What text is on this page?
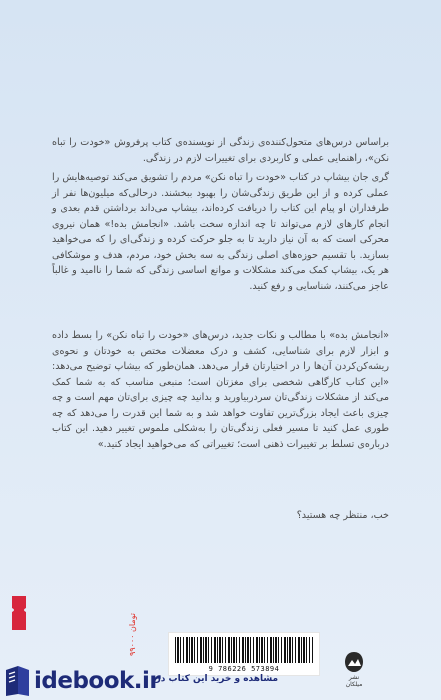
براساس درس‌های متحول‌کننده‌ی زندگی از نویسنده‌ی کتاب پرفروش «خودت را تباه نکن»، راهنمایی عملی و کاربردی برای تغییرات لازم در زندگی.
گری جان بیشاپ در کتاب «خودت را تباه نکن» مردم را تشویق می‌کند توصیه‌هایش را عملی کرده و از این طریق زندگی‌شان را بهبود ببخشند. درحالی‌که میلیون‌ها نفر از طرفداران او پیام این کتاب را دریافت کرده‌اند، بیشاپ می‌داند برداشتن قدم بعدی و انجام کارهای لازم می‌تواند تا چه اندازه سخت باشد. «انجامش بده!» همان نیروی محرکی است که به آن نیاز دارید تا به جلو حرکت کرده و زندگی‌ای را که می‌خواهید بسازید. با تقسیم حوزه‌های اصلی زندگی به سه بخش خود، مردم، هدف و موشکافی هر یک، بیشاپ کمک می‌کند مشکلات و موانع اساسی زندگی که شما را ناامید و غالباً عاجز می‌کنند، شناسایی و رفع کنید.
«انجامش بده» با مطالب و نکات جدید، درس‌های «خودت را تباه نکن» را بسط داده و ابزار لازم برای شناسایی، کشف و درک معضلات مختص به خودتان و نحوه‌ی ریشه‌کن‌کردن آن‌ها را در اختیارتان قرار می‌دهد. همان‌طور که بیشاپ توضیح می‌دهد: «این کتاب کارگاهی شخصی برای مغزتان است؛ منبعی مناسب که به شما کمک می‌کند از مشکلات زندگی‌تان سردربیاورید و بدانید چه چیزی برای‌تان مهم است و چه چیزی باعث ایجاد بزرگ‌ترین تفاوت خواهد شد و به شما این قدرت را می‌دهد که چه طوری عمل کنید تا مسیر فعلی زندگی‌تان را به‌شکلی ملموس تغییر دهید. این کتاب درباره‌ی تسلط بر تغییرات ذهنی است؛ تغییراتی که می‌خواهید ایجاد کنید.»
خب، منتظر چه هستید؟
۹۹۰۰۰ تومان
9 786226 573894
نشر میلکان
idebook.ir
مشاهده و خرید این کتاب در:
